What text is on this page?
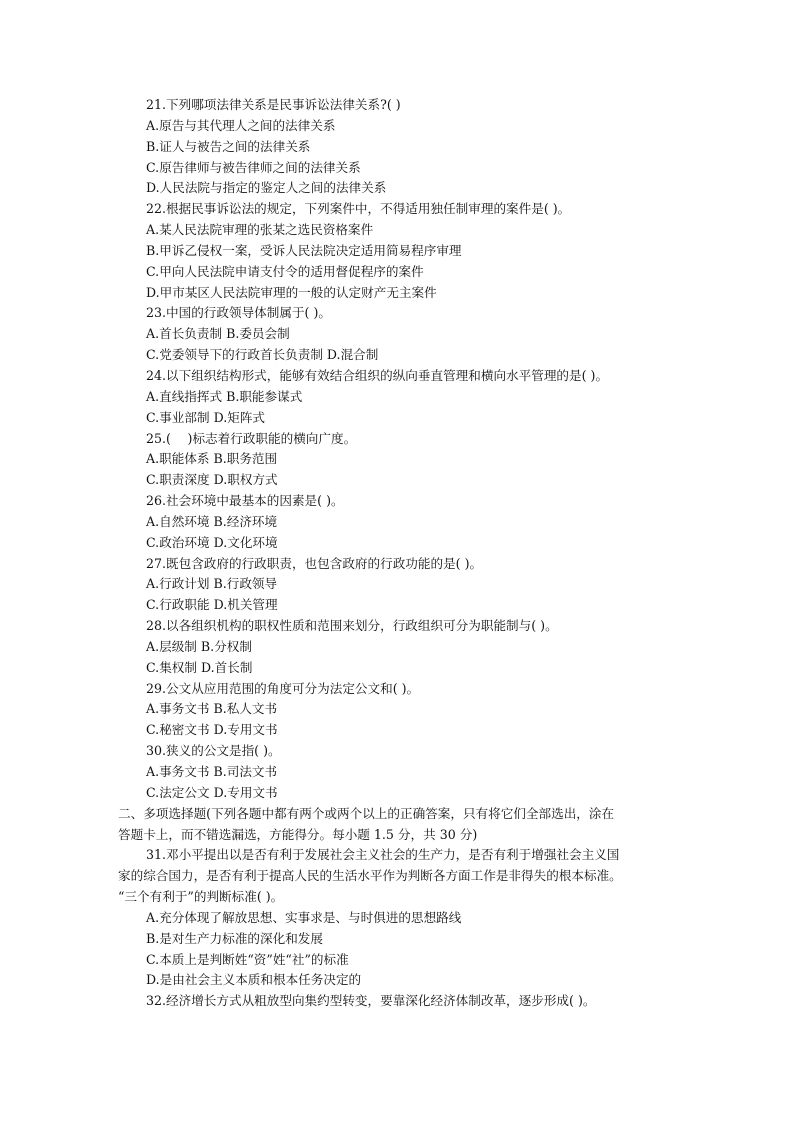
21.下列哪项法律关系是民事诉讼法律关系?( )
A.原告与其代理人之间的法律关系
B.证人与被告之间的法律关系
C.原告律师与被告律师之间的法律关系
D.人民法院与指定的鉴定人之间的法律关系
22.根据民事诉讼法的规定，下列案件中，不得适用独任制审理的案件是( )。
A.某人民法院审理的张某之选民资格案件
B.甲诉乙侵权一案，受诉人民法院决定适用简易程序审理
C.甲向人民法院申请支付令的适用督促程序的案件
D.甲市某区人民法院审理的一般的认定财产无主案件
23.中国的行政领导体制属于( )。
A.首长负责制 B.委员会制
C.党委领导下的行政首长负责制 D.混合制
24.以下组织结构形式，能够有效结合组织的纵向垂直管理和横向水平管理的是( )。
A.直线指挥式 B.职能参谋式
C.事业部制 D.矩阵式
25.(　 )标志着行政职能的横向广度。
A.职能体系 B.职务范围
C.职责深度 D.职权方式
26.社会环境中最基本的因素是( )。
A.自然环境 B.经济环境
C.政治环境 D.文化环境
27.既包含政府的行政职责，也包含政府的行政功能的是( )。
A.行政计划 B.行政领导
C.行政职能 D.机关管理
28.以各组织机构的职权性质和范围来划分，行政组织可分为职能制与( )。
A.层级制 B.分权制
C.集权制 D.首长制
29.公文从应用范围的角度可分为法定公文和( )。
A.事务文书 B.私人文书
C.秘密文书 D.专用文书
30.狭义的公文是指( )。
A.事务文书 B.司法文书
C.法定公文 D.专用文书
二、多项选择题(下列各题中都有两个或两个以上的正确答案，只有将它们全部选出，涂在
答题卡上，而不错选漏选，方能得分。每小题 1.5 分，共 30 分)
31.邓小平提出以是否有利于发展社会主义社会的生产力，是否有利于增强社会主义国
家的综合国力，是否有利于提高人民的生活水平作为判断各方面工作是非得失的根本标准。
“三个有利于”的判断标准( )。
A.充分体现了解放思想、实事求是、与时俱进的思想路线
B.是对生产力标准的深化和发展
C.本质上是判断姓“资”姓“社”的标准
D.是由社会主义本质和根本任务决定的
32.经济增长方式从粗放型向集约型转变，要靠深化经济体制改革，逐步形成( )。
